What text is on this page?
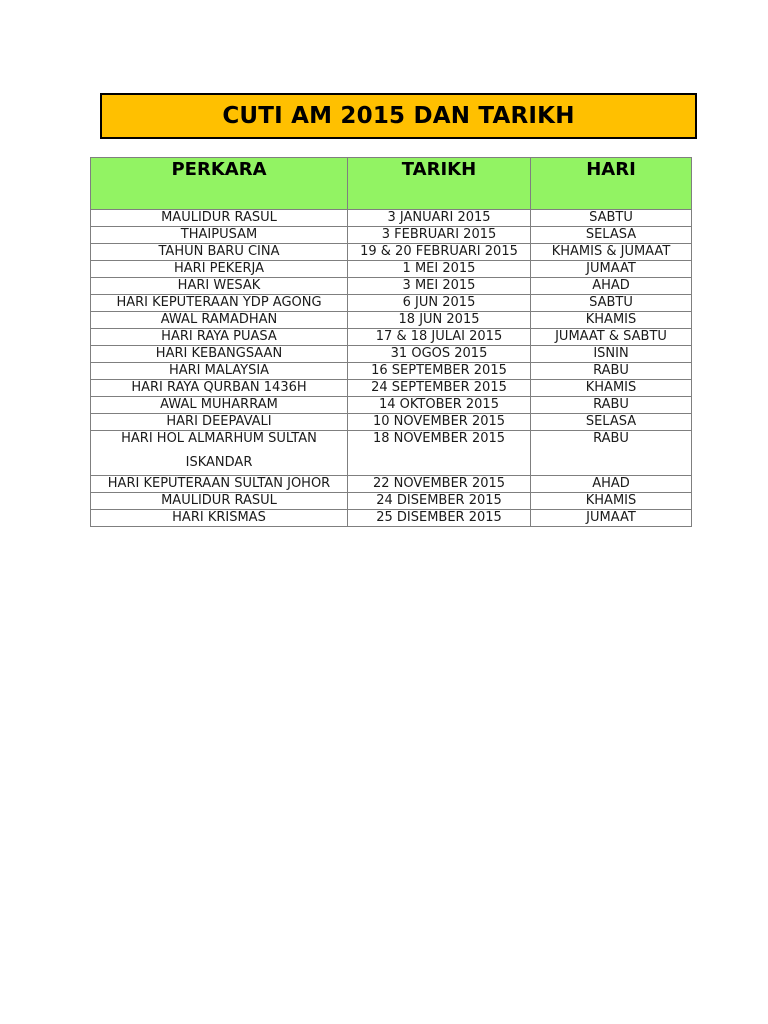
CUTI AM 2015 DAN TARIKH
PERKARA	TARIKH	HARI
MAULIDUR RASUL	3 JANUARI 2015	SABTU
THAIPUSAM	3 FEBRUARI 2015	SELASA
TAHUN BARU CINA	19 & 20 FEBRUARI 2015	KHAMIS & JUMAAT
HARI PEKERJA	1 MEI 2015	JUMAAT
HARI WESAK	3 MEI 2015	AHAD
HARI KEPUTERAAN YDP AGONG	6 JUN 2015	SABTU
AWAL RAMADHAN	18 JUN 2015	KHAMIS
HARI RAYA PUASA	17 & 18 JULAI 2015	JUMAAT & SABTU
HARI KEBANGSAAN	31 OGOS 2015	ISNIN
HARI MALAYSIA	16 SEPTEMBER 2015	RABU
HARI RAYA QURBAN 1436H	24 SEPTEMBER 2015	KHAMIS
AWAL MUHARRAM	14 OKTOBER 2015	RABU
HARI DEEPAVALI	10 NOVEMBER 2015	SELASA

HARI HOL ALMARHUM SULTAN
ISKANDAR	18 NOVEMBER 2015	RABU
HARI KEPUTERAAN SULTAN JOHOR	22 NOVEMBER 2015	AHAD
MAULIDUR RASUL	24 DISEMBER 2015	KHAMIS
HARI KRISMAS	25 DISEMBER 2015	JUMAAT
